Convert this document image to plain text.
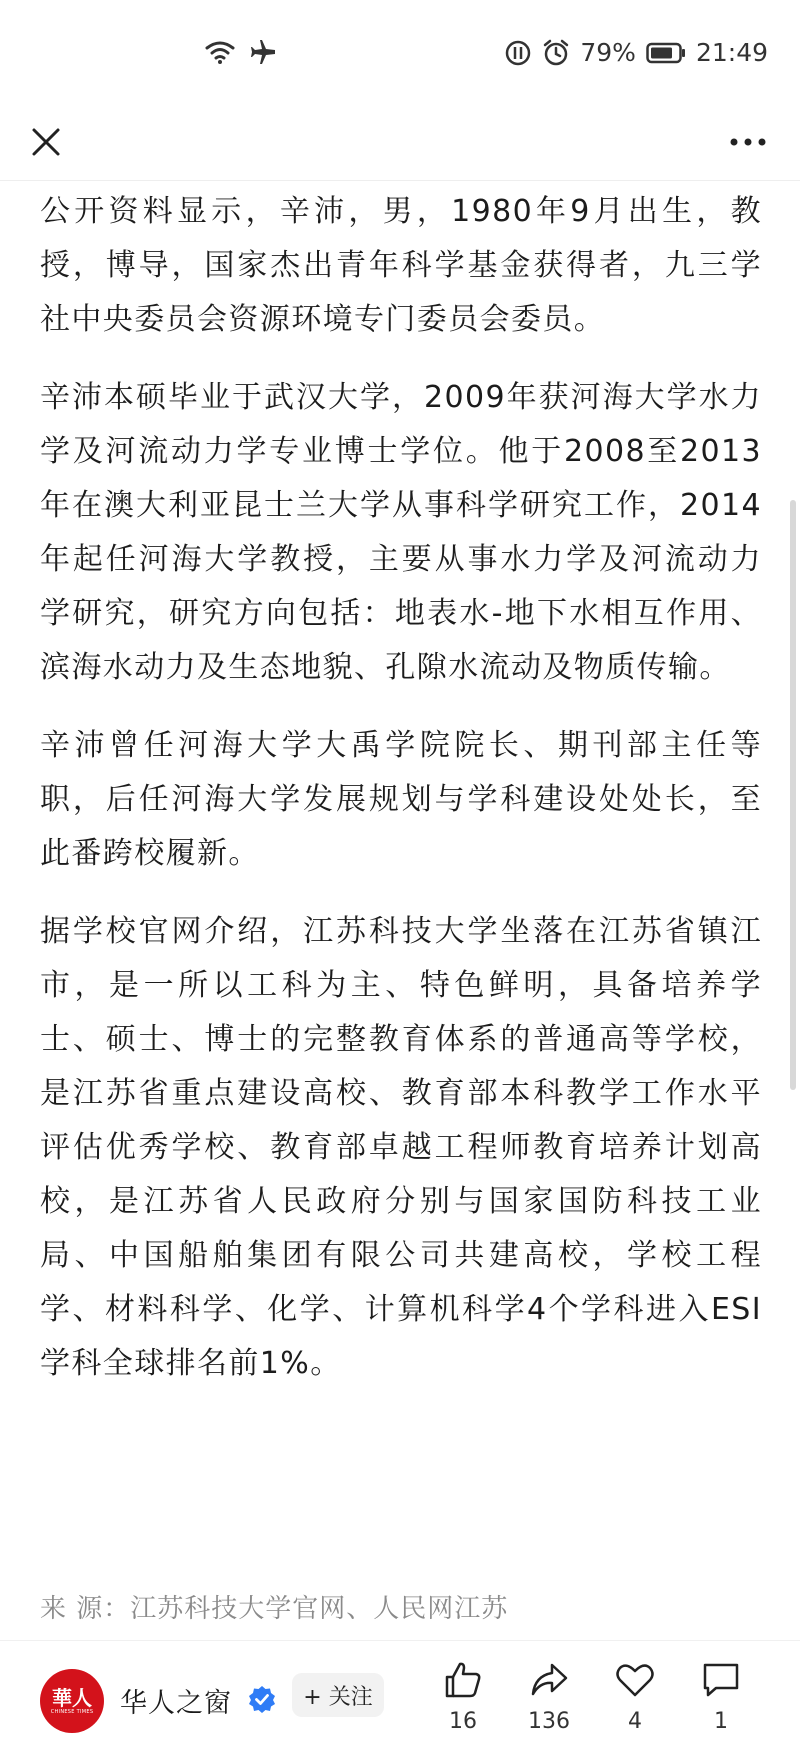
79% 21:49

公开资料显示，辛沛，男，1980年9月出生，教授，博导，国家杰出青年科学基金获得者，九三学社中央委员会资源环境专门委员会委员。

辛沛本硕毕业于武汉大学，2009年获河海大学水力学及河流动力学专业博士学位。他于2008至2013年在澳大利亚昆士兰大学从事科学研究工作，2014年起任河海大学教授，主要从事水力学及河流动力学研究，研究方向包括：地表水-地下水相互作用、滨海水动力及生态地貌、孔隙水流动及物质传输。

辛沛曾任河海大学大禹学院院长、期刊部主任等职，后任河海大学发展规划与学科建设处处长，至此番跨校履新。

据学校官网介绍，江苏科技大学坐落在江苏省镇江市，是一所以工科为主、特色鲜明，具备培养学士、硕士、博士的完整教育体系的普通高等学校，是江苏省重点建设高校、教育部本科教学工作水平评估优秀学校、教育部卓越工程师教育培养计划高校，是江苏省人民政府分别与国家国防科技工业局、中国船舶集团有限公司共建高校，学校工程学、材料科学、化学、计算机科学4个学科进入ESI学科全球排名前1%。

来 源：江苏科技大学官网、人民网江苏
華人
CHINESE TIMES 华人之窗	+ 关注
16	136	4	1
